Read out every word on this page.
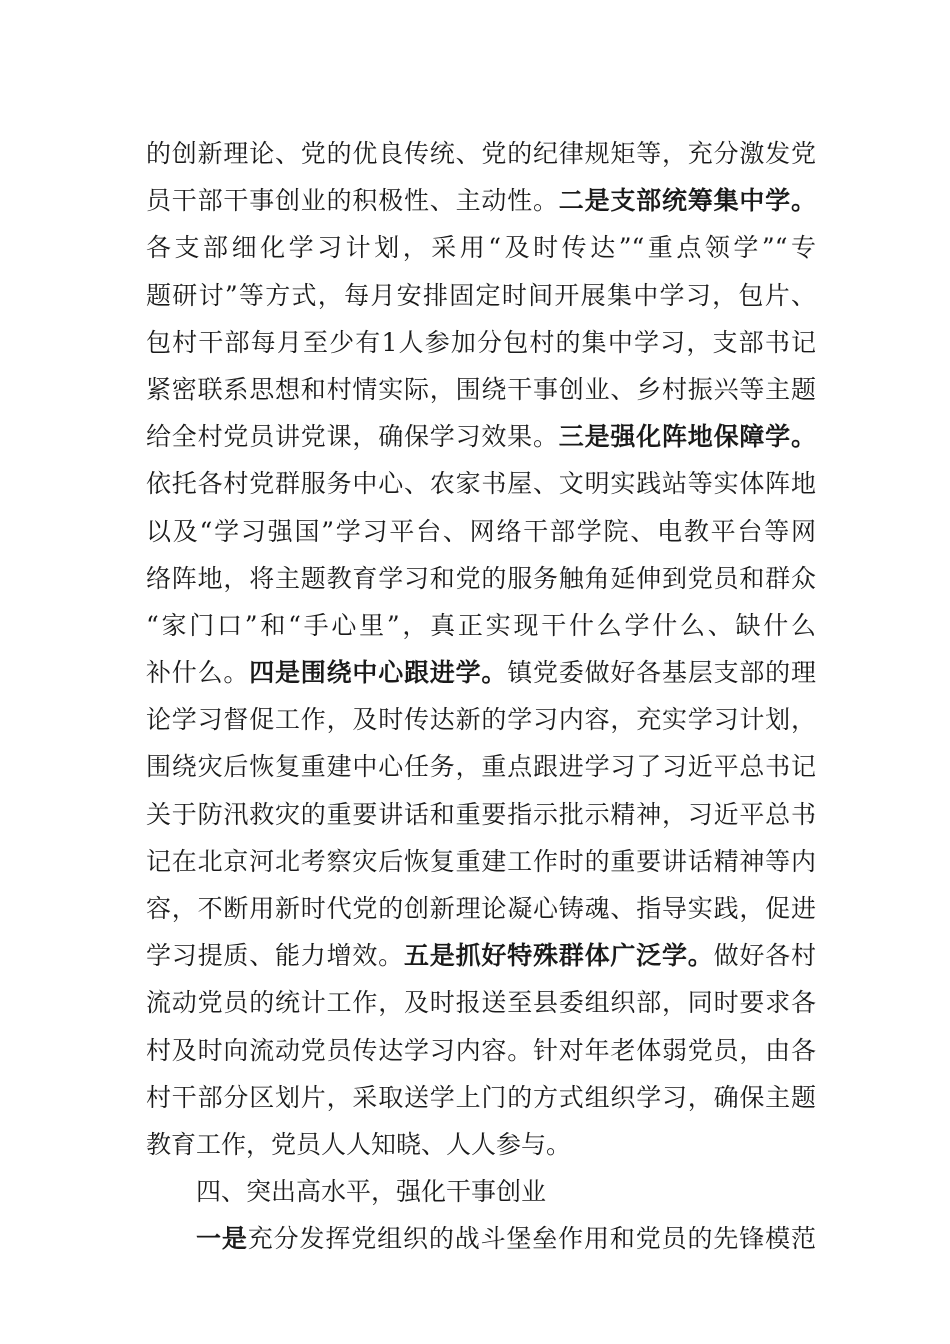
的创新理论、党的优良传统、党的纪律规矩等，充分激发党
员干部干事创业的积极性、主动性。二是支部统筹集中学。
各支部细化学习计划，采用“及时传达”“重点领学”“专
题研讨”等方式，每月安排固定时间开展集中学习，包片、
包村干部每月至少有1人参加分包村的集中学习，支部书记
紧密联系思想和村情实际，围绕干事创业、乡村振兴等主题
给全村党员讲党课，确保学习效果。三是强化阵地保障学。
依托各村党群服务中心、农家书屋、文明实践站等实体阵地
以及“学习强国”学习平台、网络干部学院、电教平台等网
络阵地，将主题教育学习和党的服务触角延伸到党员和群众
“家门口”和“手心里”，真正实现干什么学什么、缺什么
补什么。四是围绕中心跟进学。镇党委做好各基层支部的理
论学习督促工作，及时传达新的学习内容，充实学习计划，
围绕灾后恢复重建中心任务，重点跟进学习了习近平总书记
关于防汛救灾的重要讲话和重要指示批示精神，习近平总书
记在北京河北考察灾后恢复重建工作时的重要讲话精神等内
容，不断用新时代党的创新理论凝心铸魂、指导实践，促进
学习提质、能力增效。五是抓好特殊群体广泛学。做好各村
流动党员的统计工作，及时报送至县委组织部，同时要求各
村及时向流动党员传达学习内容。针对年老体弱党员，由各
村干部分区划片，采取送学上门的方式组织学习，确保主题
教育工作，党员人人知晓、人人参与。
四、突出高水平，强化干事创业
一是充分发挥党组织的战斗堡垒作用和党员的先锋模范
